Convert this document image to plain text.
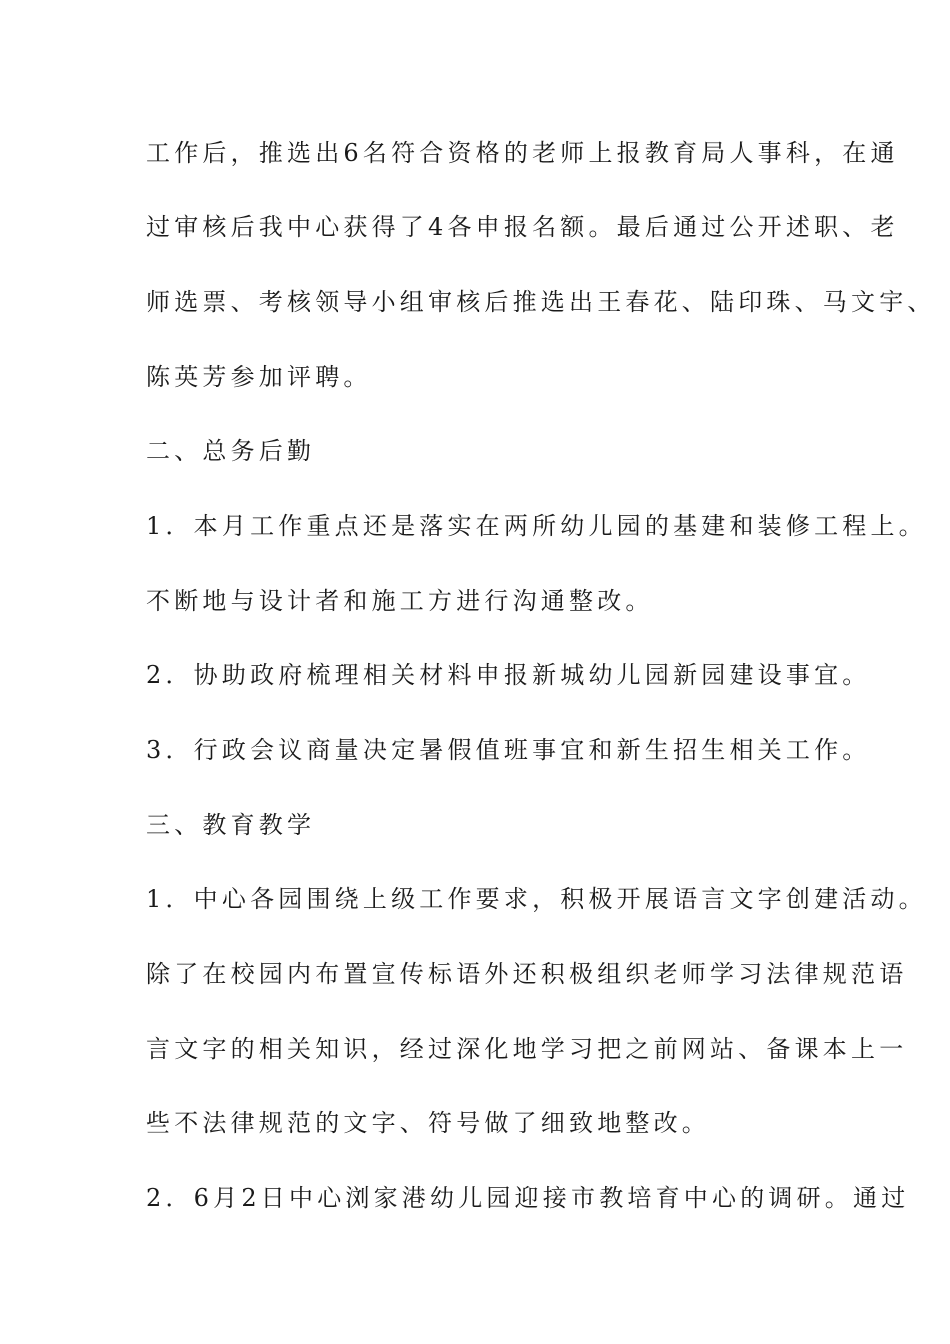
工作后，推选出6名符合资格的老师上报教育局人事科，在通
过审核后我中心获得了4各申报名额。最后通过公开述职、老
师选票、考核领导小组审核后推选出王春花、陆印珠、马文宇、
陈英芳参加评聘。
二、总务后勤
1．本月工作重点还是落实在两所幼儿园的基建和装修工程上。
不断地与设计者和施工方进行沟通整改。
2．协助政府梳理相关材料申报新城幼儿园新园建设事宜。
3．行政会议商量决定暑假值班事宜和新生招生相关工作。
三、教育教学
1．中心各园围绕上级工作要求，积极开展语言文字创建活动。
除了在校园内布置宣传标语外还积极组织老师学习法律规范语
言文字的相关知识，经过深化地学习把之前网站、备课本上一
些不法律规范的文字、符号做了细致地整改。
2．6月2日中心浏家港幼儿园迎接市教培育中心的调研。通过
